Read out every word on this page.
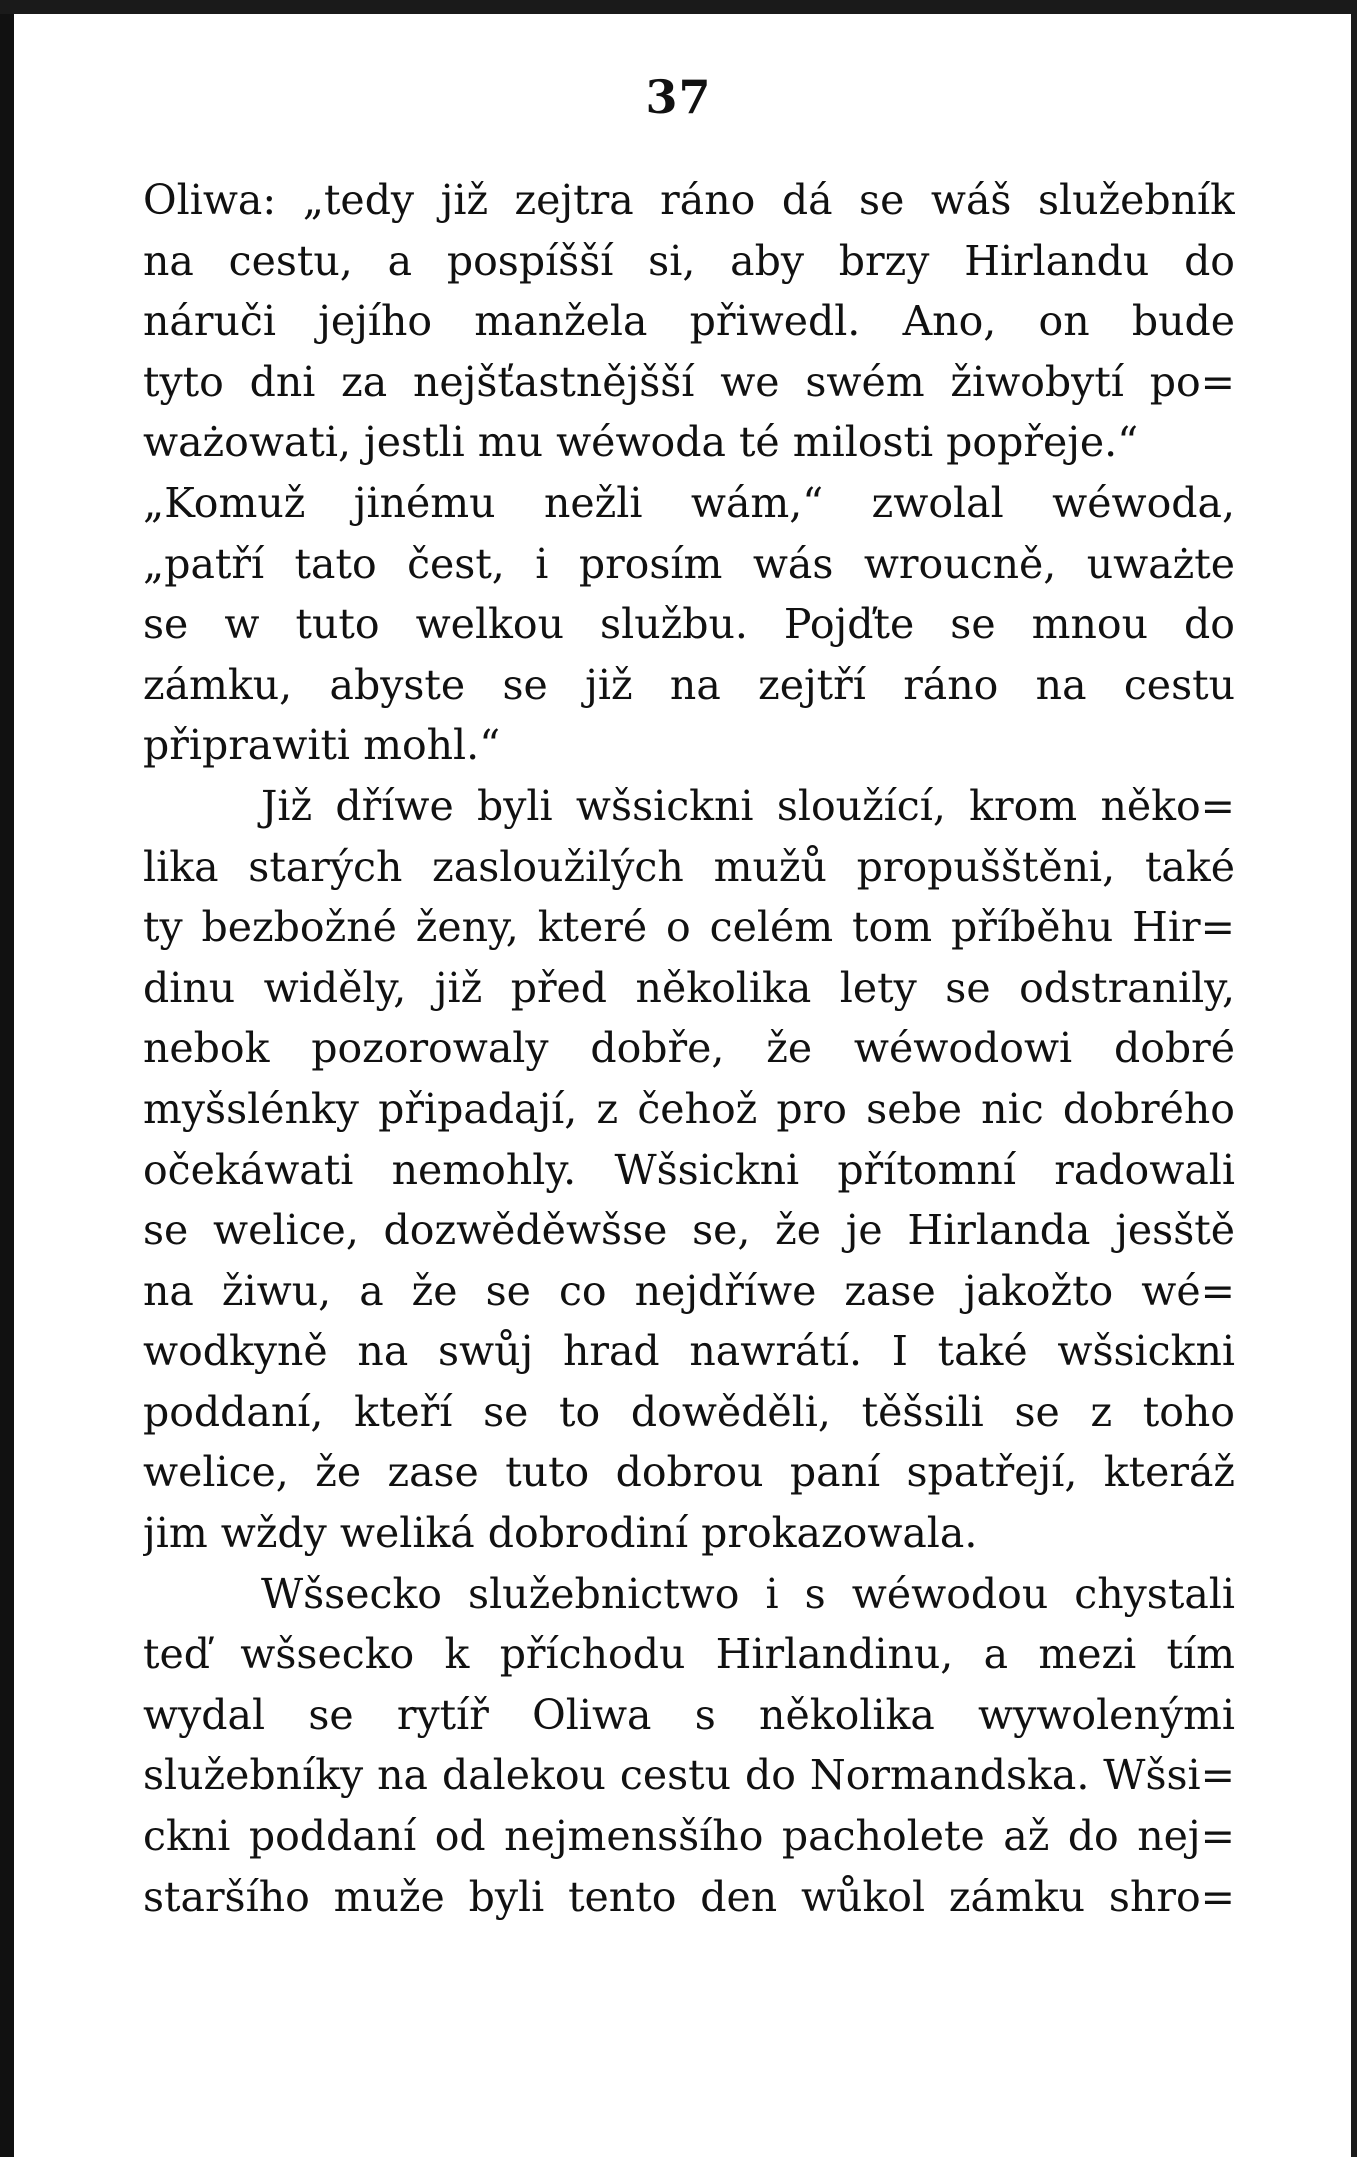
37
Oliwa: „tedy již zejtra ráno dá se wáš služebník
na cestu, a pospíšší si, aby brzy Hirlandu do
náruči jejího manžela přiwedl. Ano, on bude
tyto dni za nejšťastnějšší we swém žiwobytí po=
ważowati, jestli mu wéwoda té milosti popřeje.“
„Komuž jinému nežli wám,“ zwolal wéwoda,
„patří tato čest, i prosím wás wroucně, uważte
se w tuto welkou službu. Pojďte se mnou do
zámku, abyste se již na zejtří ráno na cestu
připrawiti mohl.“
Již dříwe byli wšsickni sloužící, krom něko=
lika starých zasloužilých mužů propušštěni, také
ty bezbožné ženy, které o celém tom příběhu Hir=
dinu widěly, již před několika lety se odstranily,
nebok pozorowaly dobře, že wéwodowi dobré
myšslénky připadají, z čehož pro sebe nic dobrého
očekáwati nemohly. Wšsickni přítomní radowali
se welice, dozwěděwšse se, že je Hirlanda jesště
na žiwu, a že se co nejdříwe zase jakožto wé=
wodkyně na swůj hrad nawrátí. I také wšsickni
poddaní, kteří se to dowěděli, těšsili se z toho
welice, že zase tuto dobrou paní spatřejí, kteráž
jim wždy weliká dobrodiní prokazowala.
Wšsecko služebnictwo i s wéwodou chystali
teď wšsecko k příchodu Hirlandinu, a mezi tím
wydal se rytíř Oliwa s několika wywolenými
služebníky na dalekou cestu do Normandska. Wšsi=
ckni poddaní od nejmensšího pacholete až do nej=
staršího muže byli tento den wůkol zámku shro=
